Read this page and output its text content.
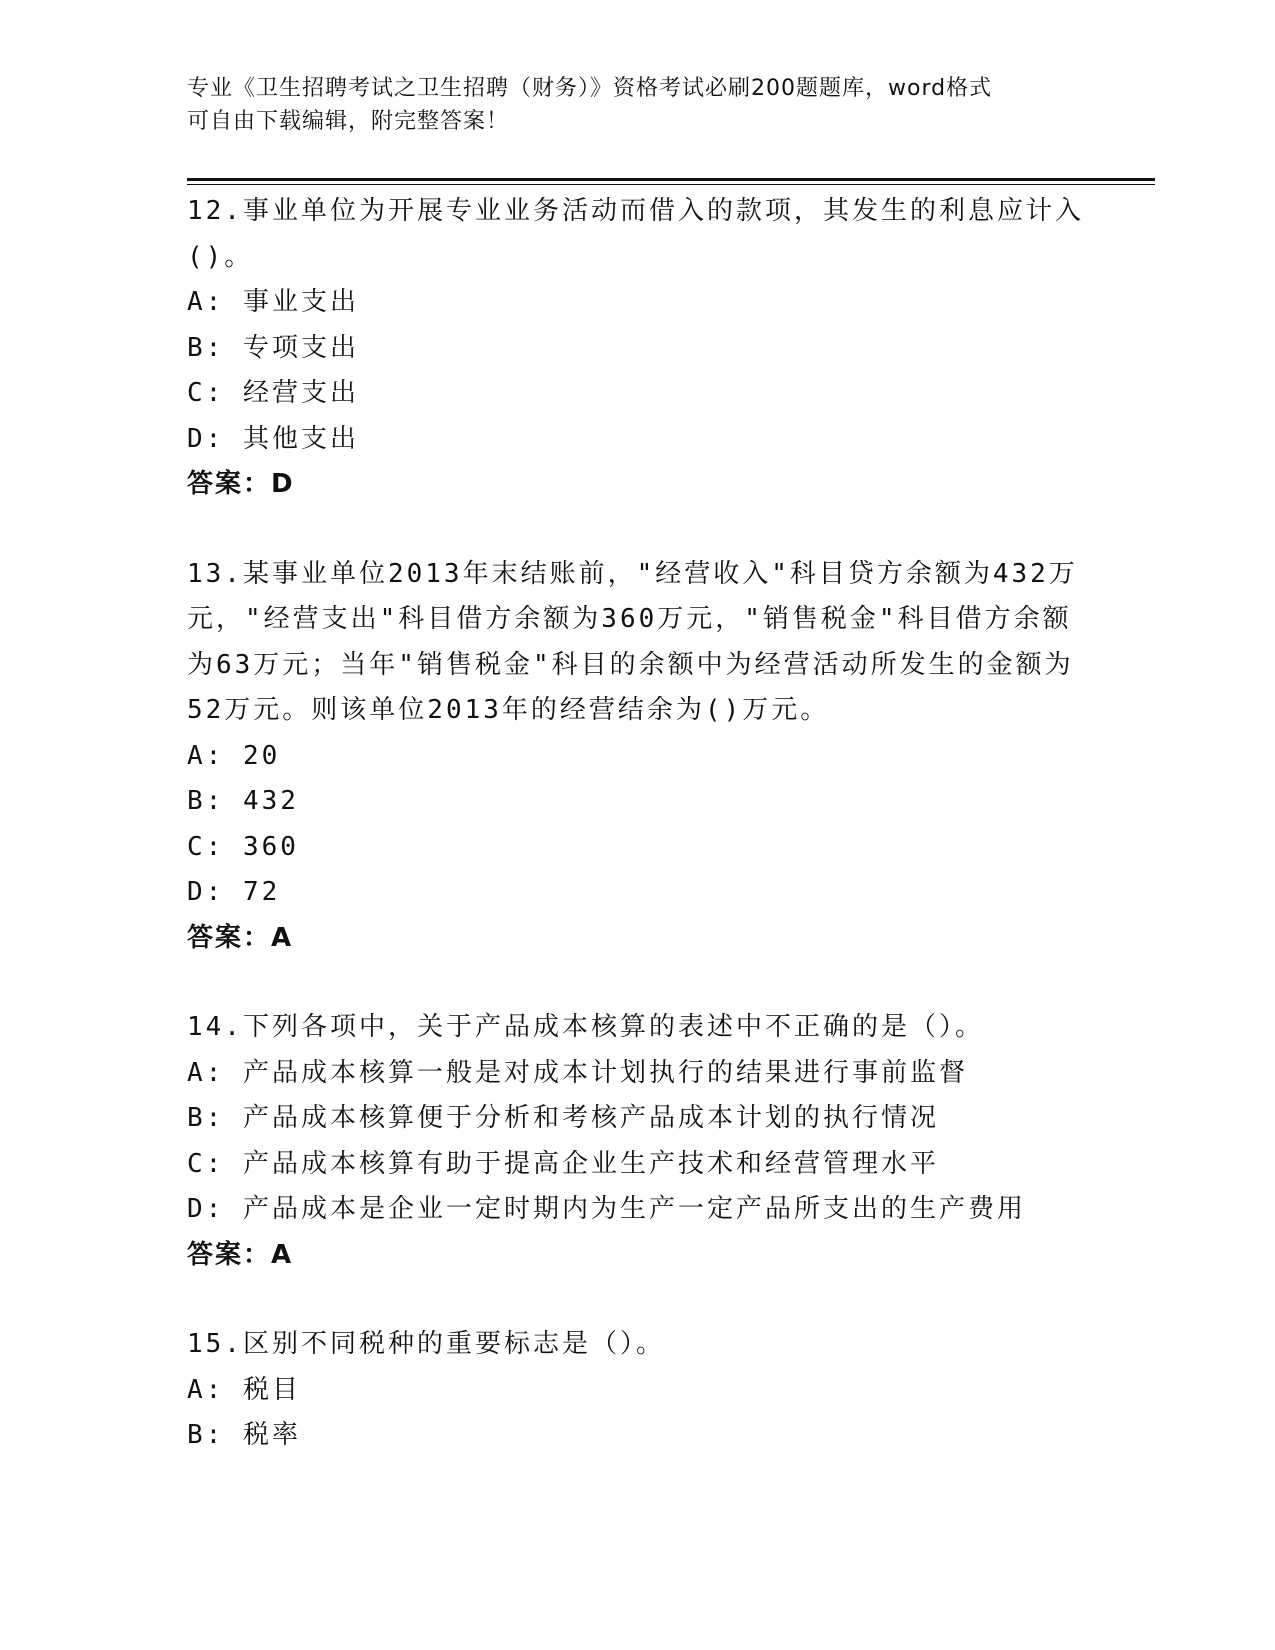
专业《卫生招聘考试之卫生招聘（财务）》资格考试必刷200题题库，word格式
可自由下载编辑，附完整答案！

12.事业单位为开展专业业务活动而借入的款项，其发生的利息应计入()。

A: 事业支出
B: 专项支出
C: 经营支出
D: 其他支出
答案：D

13.某事业单位2013年末结账前，"经营收入"科目贷方余额为432万元，"经营支出"科目借方余额为360万元，"销售税金"科目借方余额为63万元；当年"销售税金"科目的余额中为经营活动所发生的金额为52万元。则该单位2013年的经营结余为()万元。

A: 20
B: 432
C: 360
D: 72
答案：A

14.下列各项中，关于产品成本核算的表述中不正确的是（）。

A: 产品成本核算一般是对成本计划执行的结果进行事前监督
B: 产品成本核算便于分析和考核产品成本计划的执行情况
C: 产品成本核算有助于提高企业生产技术和经营管理水平
D: 产品成本是企业一定时期内为生产一定产品所支出的生产费用
答案：A

15.区别不同税种的重要标志是（）。

A: 税目
B: 税率
